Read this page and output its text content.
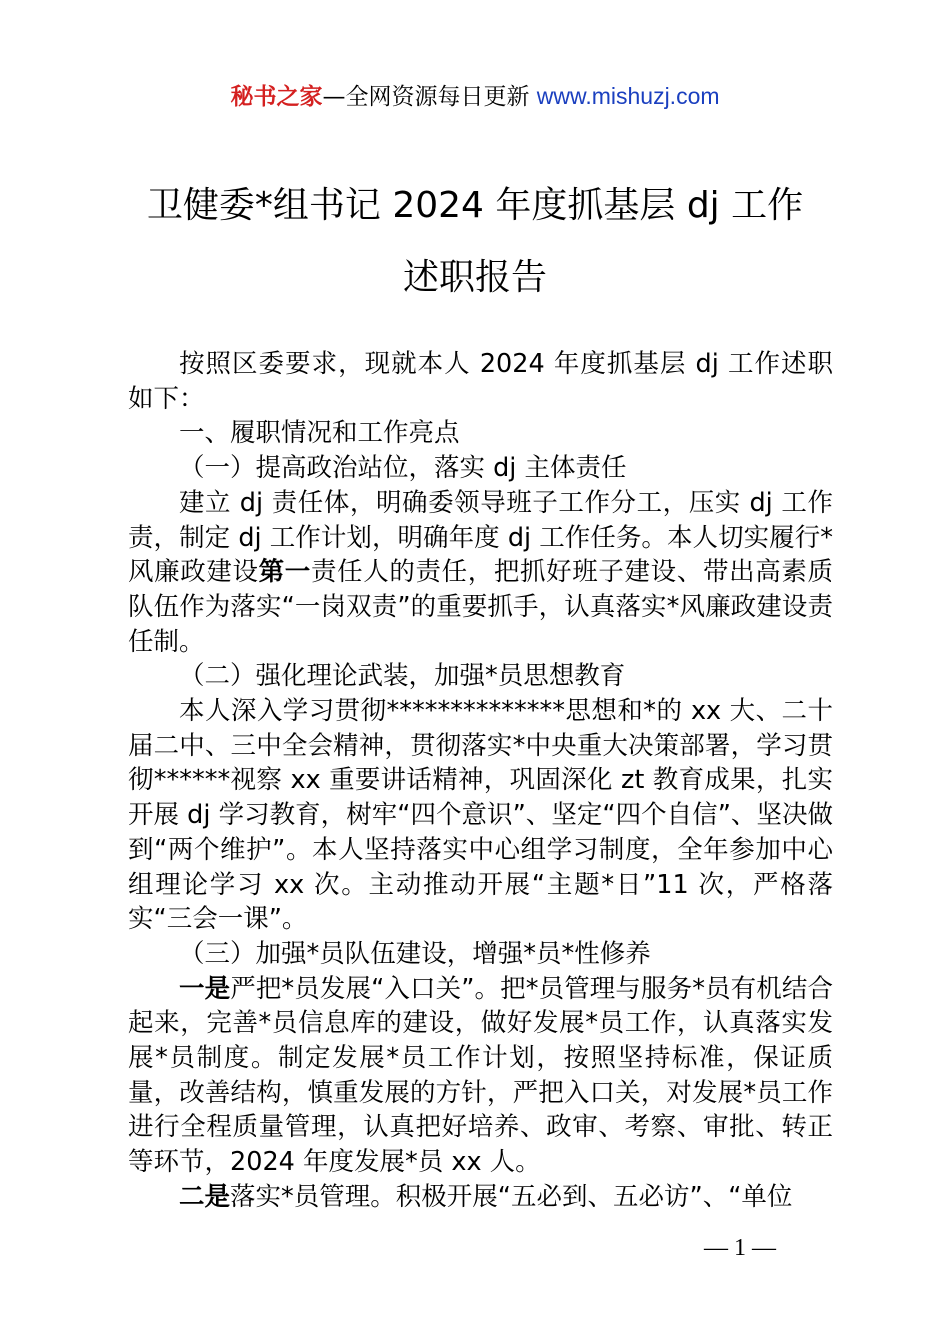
秘书之家—全网资源每日更新 www.mishuzj.com
卫健委*组书记 2024 年度抓基层 dj 工作
述职报告

按照区委要求，现就本人 2024 年度抓基层 dj 工作述职如下：

一、履职情况和工作亮点

（一）提高政治站位，落实 dj 主体责任

建立 dj 责任体，明确委领导班子工作分工，压实 dj 工作责，制定 dj 工作计划，明确年度 dj 工作任务。本人切实履行*风廉政建设第一责任人的责任，把抓好班子建设、带出高素质队伍作为落实“一岗双责”的重要抓手，认真落实*风廉政建设责任制。

（二）强化理论武装，加强*员思想教育

本人深入学习贯彻**************思想和*的 xx 大、二十届二中、三中全会精神，贯彻落实*中央重大决策部署，学习贯彻******视察 xx 重要讲话精神，巩固深化 zt 教育成果，扎实开展 dj 学习教育，树牢“四个意识”、坚定“四个自信”、坚决做到“两个维护”。本人坚持落实中心组学习制度，全年参加中心组理论学习 xx 次。主动推动开展“主题*日”11 次，严格落实“三会一课”。

（三）加强*员队伍建设，增强*员*性修养

一是严把*员发展“入口关”。把*员管理与服务*员有机结合起来，完善*员信息库的建设，做好发展*员工作，认真落实发展*员制度。制定发展*员工作计划，按照坚持标准，保证质量，改善结构，慎重发展的方针，严把入口关，对发展*员工作进行全程质量管理，认真把好培养、政审、考察、审批、转正等环节，2024 年度发展*员 xx 人。

二是落实*员管理。积极开展“五必到、五必访”、“单位

— 1 —
